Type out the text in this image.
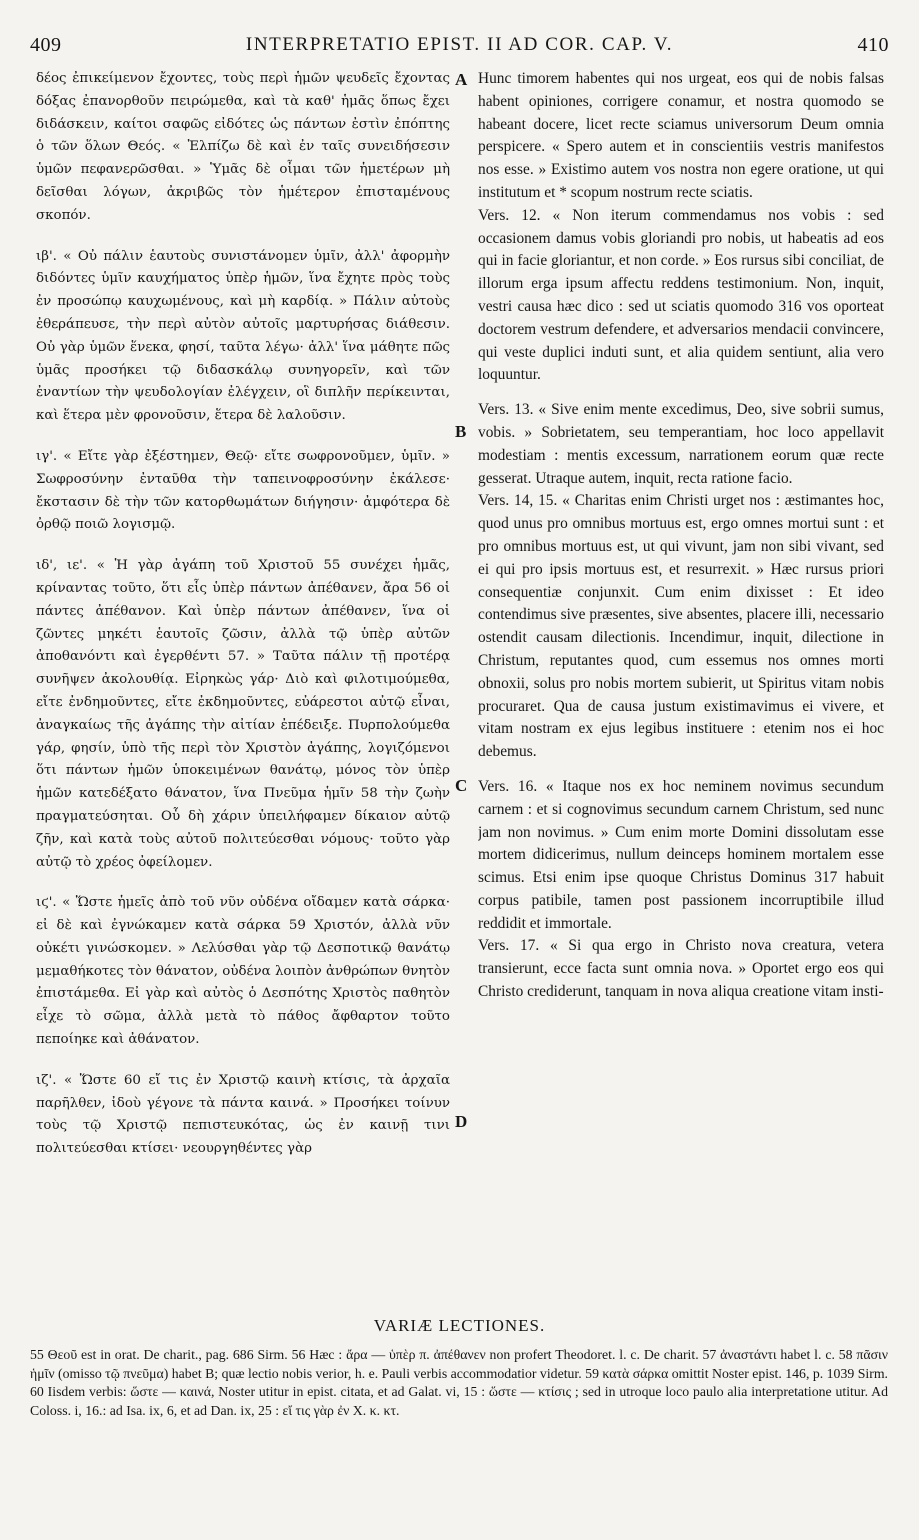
409	INTERPRETATIO EPIST. II AD COR. CAP. V.	410

δέος ἐπικείμενον ἔχοντες, τοὺς περὶ ἡμῶν ψευδεῖς ἔχοντας δόξας ἐπανορθοῦν πειρώμεθα, καὶ τὰ καθ' ἡμᾶς ὅπως ἔχει διδάσκειν, καίτοι σαφῶς εἰδότες ὡς πάντων ἐστὶν ἐπόπτης ὁ τῶν ὅλων Θεός. « Ἐλπίζω δὲ καὶ ἐν ταῖς συνειδήσεσιν ὑμῶν πεφανερῶσθαι. » Ὑμᾶς δὲ οἶμαι τῶν ἡμετέρων μὴ δεῖσθαι λόγων, ἀκριβῶς τὸν ἡμέτερον ἐπισταμένους σκοπόν.

ιβ'. « Οὐ πάλιν ἑαυτοὺς συνιστάνομεν ὑμῖν, ἀλλ' ἀφορμὴν διδόντες ὑμῖν καυχήματος ὑπὲρ ἡμῶν, ἵνα ἔχητε πρὸς τοὺς ἐν προσώπῳ καυχωμένους, καὶ μὴ καρδίᾳ. » Πάλιν αὐτοὺς ἐθεράπευσε, τὴν περὶ αὐτὸν αὐτοῖς μαρτυρήσας διάθεσιν. Οὐ γὰρ ὑμῶν ἕνεκα, φησί, ταῦτα λέγω· ἀλλ' ἵνα μάθητε πῶς ὑμᾶς προσήκει τῷ διδασκάλῳ συνηγορεῖν, καὶ τῶν ἐναντίων τὴν ψευδολογίαν ἐλέγχειν, οἳ διπλῆν περίκεινται, καὶ ἕτερα μὲν φρονοῦσιν, ἕτερα δὲ λαλοῦσιν.

ιγ'. « Εἴτε γὰρ ἐξέστημεν, Θεῷ· εἴτε σωφρονοῦμεν, ὑμῖν. » Σωφροσύνην ἐνταῦθα τὴν ταπεινοφροσύνην ἐκάλεσε· ἔκστασιν δὲ τὴν τῶν κατορθωμάτων διήγησιν· ἀμφότερα δὲ ὀρθῷ ποιῶ λογισμῷ.

ιδ', ιε'. « Ἡ γὰρ ἀγάπη τοῦ Χριστοῦ 55 συνέχει ἡμᾶς, κρίναντας τοῦτο, ὅτι εἷς ὑπὲρ πάντων ἀπέθανεν, ἄρα 56 οἱ πάντες ἀπέθανον. Καὶ ὑπὲρ πάντων ἀπέθανεν, ἵνα οἱ ζῶντες μηκέτι ἑαυτοῖς ζῶσιν, ἀλλὰ τῷ ὑπὲρ αὐτῶν ἀποθανόντι καὶ ἐγερθέντι 57. » Ταῦτα πάλιν τῇ προτέρᾳ συνῆψεν ἀκολουθίᾳ. Εἰρηκὼς γάρ· Διὸ καὶ φιλοτιμούμεθα, εἴτε ἐνδημοῦντες, εἴτε ἐκδημοῦντες, εὐάρεστοι αὐτῷ εἶναι, ἀναγκαίως τῆς ἀγάπης τὴν αἰτίαν ἐπέδειξε. Πυρπολούμεθα γάρ, φησίν, ὑπὸ τῆς περὶ τὸν Χριστὸν ἀγάπης, λογιζόμενοι ὅτι πάντων ἡμῶν ὑποκειμένων θανάτῳ, μόνος τὸν ὑπὲρ ἡμῶν κατεδέξατο θάνατον, ἵνα Πνεῦμα ἡμῖν 58 τὴν ζωὴν πραγματεύσηται. Οὗ δὴ χάριν ὑπειλήφαμεν δίκαιον αὐτῷ ζῆν, καὶ κατὰ τοὺς αὐτοῦ πολιτεύεσθαι νόμους· τοῦτο γὰρ αὐτῷ τὸ χρέος ὀφείλομεν.

ιϛ'. « Ὥστε ἡμεῖς ἀπὸ τοῦ νῦν οὐδένα οἴδαμεν κατὰ σάρκα· εἰ δὲ καὶ ἐγνώκαμεν κατὰ σάρκα 59 Χριστόν, ἀλλὰ νῦν οὐκέτι γινώσκομεν. » Λελύσθαι γὰρ τῷ Δεσποτικῷ θανάτῳ μεμαθήκοτες τὸν θάνατον, οὐδένα λοιπὸν ἀνθρώπων θνητὸν ἐπιστάμεθα. Εἰ γὰρ καὶ αὐτὸς ὁ Δεσπότης Χριστὸς παθητὸν εἶχε τὸ σῶμα, ἀλλὰ μετὰ τὸ πάθος ἄφθαρτον τοῦτο πεποίηκε καὶ ἀθάνατον.

ιζ'. « Ὥστε 60 εἴ τις ἐν Χριστῷ καινὴ κτίσις, τὰ ἀρχαῖα παρῆλθεν, ἰδοὺ γέγονε τὰ πάντα καινά. » Προσήκει τοίνυν τοὺς τῷ Χριστῷ πεπιστευκότας, ὡς ἐν καινῇ τινι πολιτεύεσθαι κτίσει· νεουργηθέντες γὰρ

A
B
C
D

Hunc timorem habentes qui nos urgeat, eos qui de nobis falsas habent opiniones, corrigere conamur, et nostra quomodo se habeant docere, licet recte sciamus universorum Deum omnia perspicere. « Spero autem et in conscientiis vestris manifestos nos esse. » Existimo autem vos nostra non egere oratione, ut qui institutum et * scopum nostrum recte sciatis.

Vers. 12. « Non iterum commendamus nos vobis : sed occasionem damus vobis gloriandi pro nobis, ut habeatis ad eos qui in facie gloriantur, et non corde. » Eos rursus sibi conciliat, de illorum erga ipsum affectu reddens testimonium. Non, inquit, vestri causa hæc dico : sed ut sciatis quomodo 316 vos oporteat doctorem vestrum defendere, et adversarios mendacii convincere, qui veste duplici induti sunt, et alia quidem sentiunt, alia vero loquuntur.

Vers. 13. « Sive enim mente excedimus, Deo, sive sobrii sumus, vobis. » Sobrietatem, seu temperantiam, hoc loco appellavit modestiam : mentis excessum, narrationem eorum quæ recte gesserat. Utraque autem, inquit, recta ratione facio.

Vers. 14, 15. « Charitas enim Christi urget nos : æstimantes hoc, quod unus pro omnibus mortuus est, ergo omnes mortui sunt : et pro omnibus mortuus est, ut qui vivunt, jam non sibi vivant, sed ei qui pro ipsis mortuus est, et resurrexit. » Hæc rursus priori consequentiæ conjunxit. Cum enim dixisset : Et ideo contendimus sive præsentes, sive absentes, placere illi, necessario ostendit causam dilectionis. Incendimur, inquit, dilectione in Christum, reputantes quod, cum essemus nos omnes morti obnoxii, solus pro nobis mortem subierit, ut Spiritus vitam nobis procuraret. Qua de causa justum existimavimus ei vivere, et vitam nostram ex ejus legibus instituere : etenim nos ei hoc debemus.

Vers. 16. « Itaque nos ex hoc neminem novimus secundum carnem : et si cognovimus secundum carnem Christum, sed nunc jam non novimus. » Cum enim morte Domini dissolutam esse mortem didicerimus, nullum deinceps hominem mortalem esse scimus. Etsi enim ipse quoque Christus Dominus 317 habuit corpus patibile, tamen post passionem incorruptibile illud reddidit et immortale.

Vers. 17. « Si qua ergo in Christo nova creatura, vetera transierunt, ecce facta sunt omnia nova. » Oportet ergo eos qui Christo crediderunt, tanquam in nova aliqua creatione vitam insti-

VARIÆ LECTIONES.

55 Θεοῦ est in orat. De charit., pag. 686 Sirm. 56 Hæc : ἄρα — ὑπὲρ π. ἀπέθανεν non profert Theodoret. l. c. De charit. 57 ἀναστάντι habet l. c. 58 πᾶσιν ἡμῖν (omisso τῷ πνεῦμα) habet B; quæ lectio nobis verior, h. e. Pauli verbis accommodatior videtur. 59 κατὰ σάρκα omittit Noster epist. 146, p. 1039 Sirm. 60 Iisdem verbis: ὥστε — καινά, Noster utitur in epist. citata, et ad Galat. vi, 15 : ὥστε — κτίσις ; sed in utroque loco paulo alia interpretatione utitur. Ad Coloss. i, 16.: ad Isa. ix, 6, et ad Dan. ix, 25 : εἴ τις γὰρ ἐν Χ. κ. κτ.
